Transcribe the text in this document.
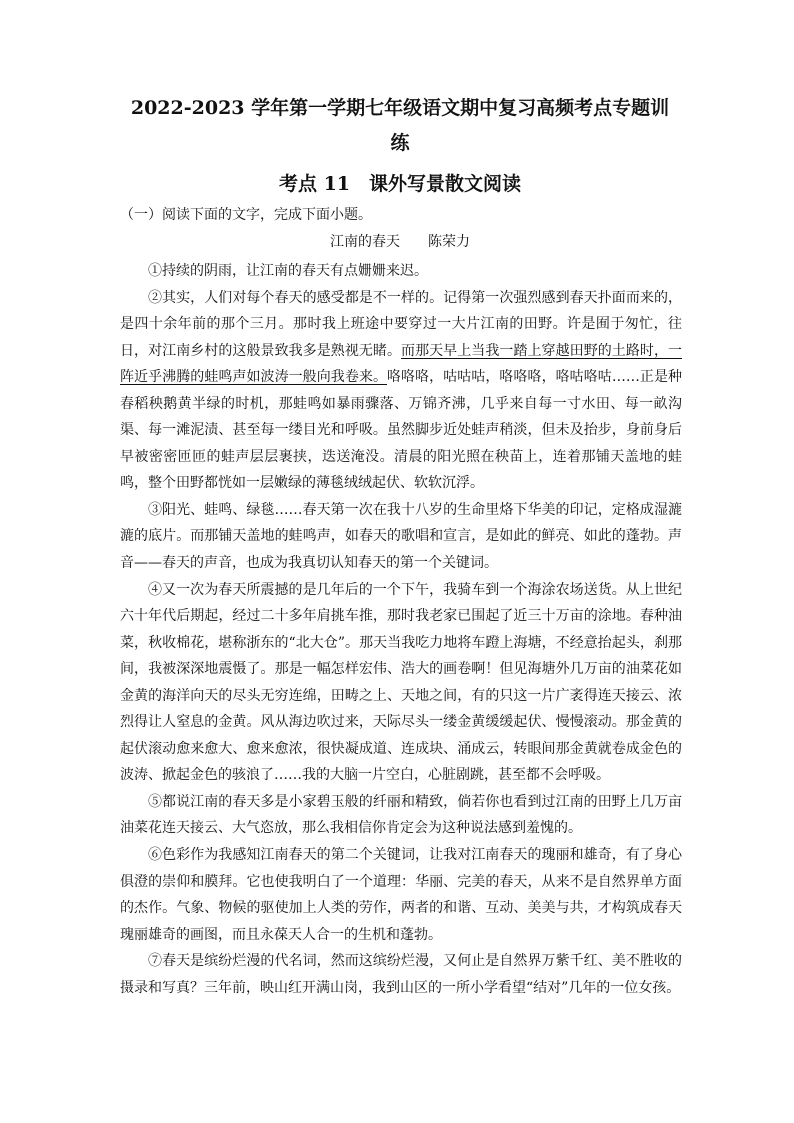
2022-2023 学年第一学期七年级语文期中复习高频考点专题训
练
考点 11　课外写景散文阅读
（一）阅读下面的文字，完成下面小题。
江南的春天 陈荣力

①持续的阴雨，让江南的春天有点姗姗来迟。

②其实，人们对每个春天的感受都是不一样的。记得第一次强烈感到春天扑面而来的，是四十余年前的那个三月。那时我上班途中要穿过一大片江南的田野。许是囿于匆忙，往日，对江南乡村的这般景致我多是熟视无睹。而那天早上当我一踏上穿越田野的土路时，一阵近乎沸腾的蛙鸣声如波涛一般向我卷来。咯咯咯，咕咕咕，咯咯咯，咯咕咯咕……正是种春稻秧鹅黄半绿的时机，那蛙鸣如暴雨骤落、万锦齐沸，几乎来自每一寸水田、每一畝沟渠、每一滩泥渍、甚至每一缕目光和呼吸。虽然脚步近处蛙声稍淡，但未及抬步，身前身后早被密密匝匝的蛙声层层裹挟，迭送淹没。清晨的阳光照在秧苗上，连着那铺天盖地的蛙鸣，整个田野都恍如一层嫩绿的薄毯绒绒起伏、软软沉浮。

③阳光、蛙鸣、绿毯……春天第一次在我十八岁的生命里烙下华美的印记，定格成湿漉漉的底片。而那铺天盖地的蛙鸣声，如春天的歌唱和宣言，是如此的鲜亮、如此的蓬勃。声音——春天的声音，也成为我真切认知春天的第一个关键词。

④又一次为春天所震撼的是几年后的一个下午，我骑车到一个海涂农场送货。从上世纪六十年代后期起，经过二十多年肩挑车推，那时我老家已围起了近三十万亩的涂地。春种油菜，秋收棉花，堪称浙东的“北大仓”。那天当我吃力地将车蹬上海塘，不经意抬起头，刹那间，我被深深地震慑了。那是一幅怎样宏伟、浩大的画卷啊！但见海塘外几万亩的油菜花如金黄的海洋向天的尽头无穷连绵，田畴之上、天地之间，有的只这一片广袤得连天接云、浓烈得让人窒息的金黄。风从海边吹过来，天际尽头一缕金黄缓缓起伏、慢慢滚动。那金黄的起伏滚动愈来愈大、愈来愈浓，很快凝成道、连成块、涌成云，转眼间那金黄就卷成金色的波涛、掀起金色的骇浪了……我的大脑一片空白，心脏剧跳，甚至都不会呼吸。

⑤都说江南的春天多是小家碧玉般的纤丽和精致，倘若你也看到过江南的田野上几万亩油菜花连天接云、大气恣放，那么我相信你肯定会为这种说法感到羞愧的。

⑥色彩作为我感知江南春天的第二个关键词，让我对江南春天的瑰丽和雄奇，有了身心俱澄的崇仰和膜拜。它也使我明白了一个道理：华丽、完美的春天，从来不是自然界单方面的杰作。气象、物候的驱使加上人类的劳作，两者的和谐、互动、美美与共，才构筑成春天瑰丽雄奇的画图，而且永葆天人合一的生机和蓬勃。

⑦春天是缤纷烂漫的代名词，然而这缤纷烂漫，又何止是自然界万紫千红、美不胜收的摄录和写真？三年前，映山红开满山岗，我到山区的一所小学看望“结对”几年的一位女孩。
